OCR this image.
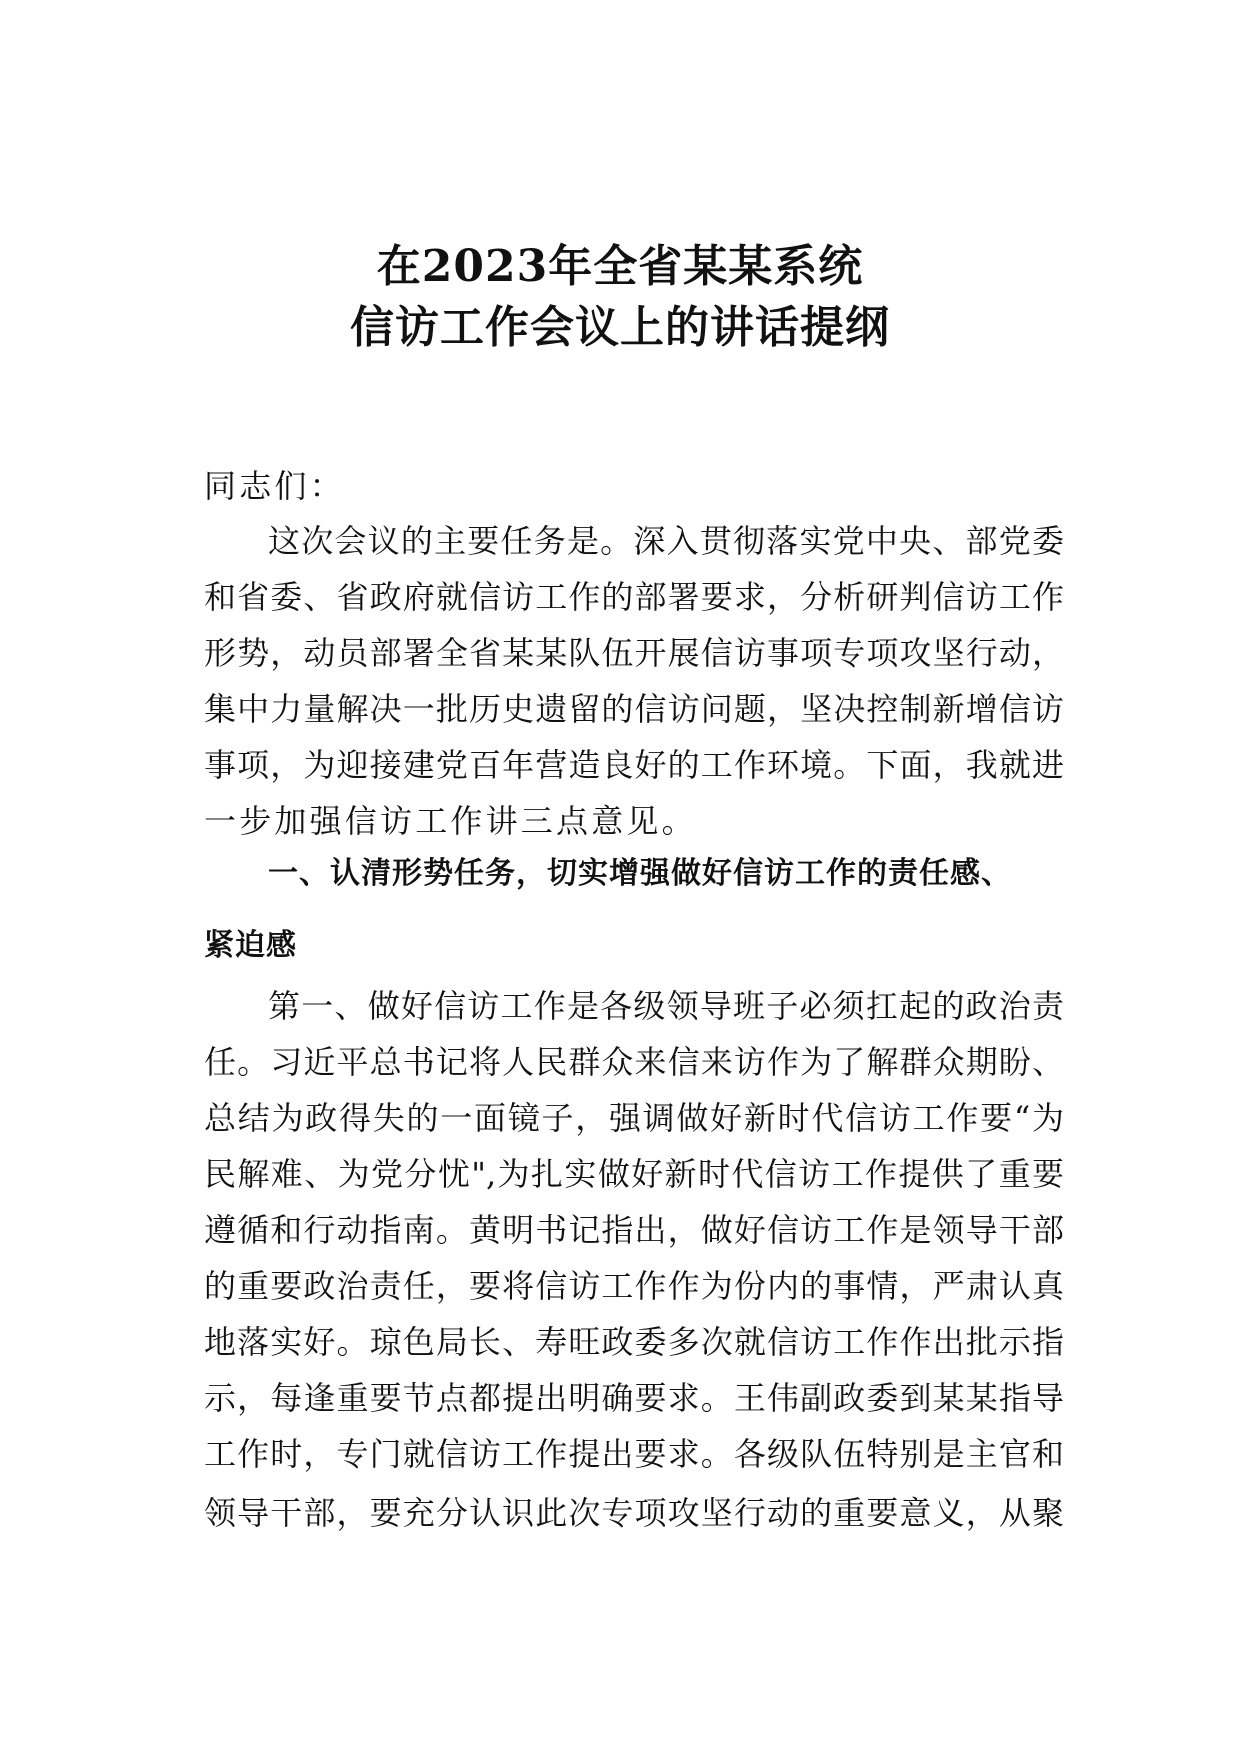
在2023年全省某某系统
信访工作会议上的讲话提纲
同志们：
这次会议的主要任务是。深入贯彻落实党中央、部党委
和省委、省政府就信访工作的部署要求，分析研判信访工作
形势，动员部署全省某某队伍开展信访事项专项攻坚行动，
集中力量解决一批历史遗留的信访问题，坚决控制新增信访
事项，为迎接建党百年营造良好的工作环境。下面，我就进
一步加强信访工作讲三点意见。
一、认清形势任务，切实增强做好信访工作的责任感、
紧迫感
第一、做好信访工作是各级领导班子必须扛起的政治责
任。习近平总书记将人民群众来信来访作为了解群众期盼、
总结为政得失的一面镜子，强调做好新时代信访工作要“为
民解难、为党分忧",为扎实做好新时代信访工作提供了重要
遵循和行动指南。黄明书记指出，做好信访工作是领导干部
的重要政治责任，要将信访工作作为份内的事情，严肃认真
地落实好。琼色局长、寿旺政委多次就信访工作作出批示指
示，每逢重要节点都提出明确要求。王伟副政委到某某指导
工作时，专门就信访工作提出要求。各级队伍特别是主官和
领导干部，要充分认识此次专项攻坚行动的重要意义，从聚
